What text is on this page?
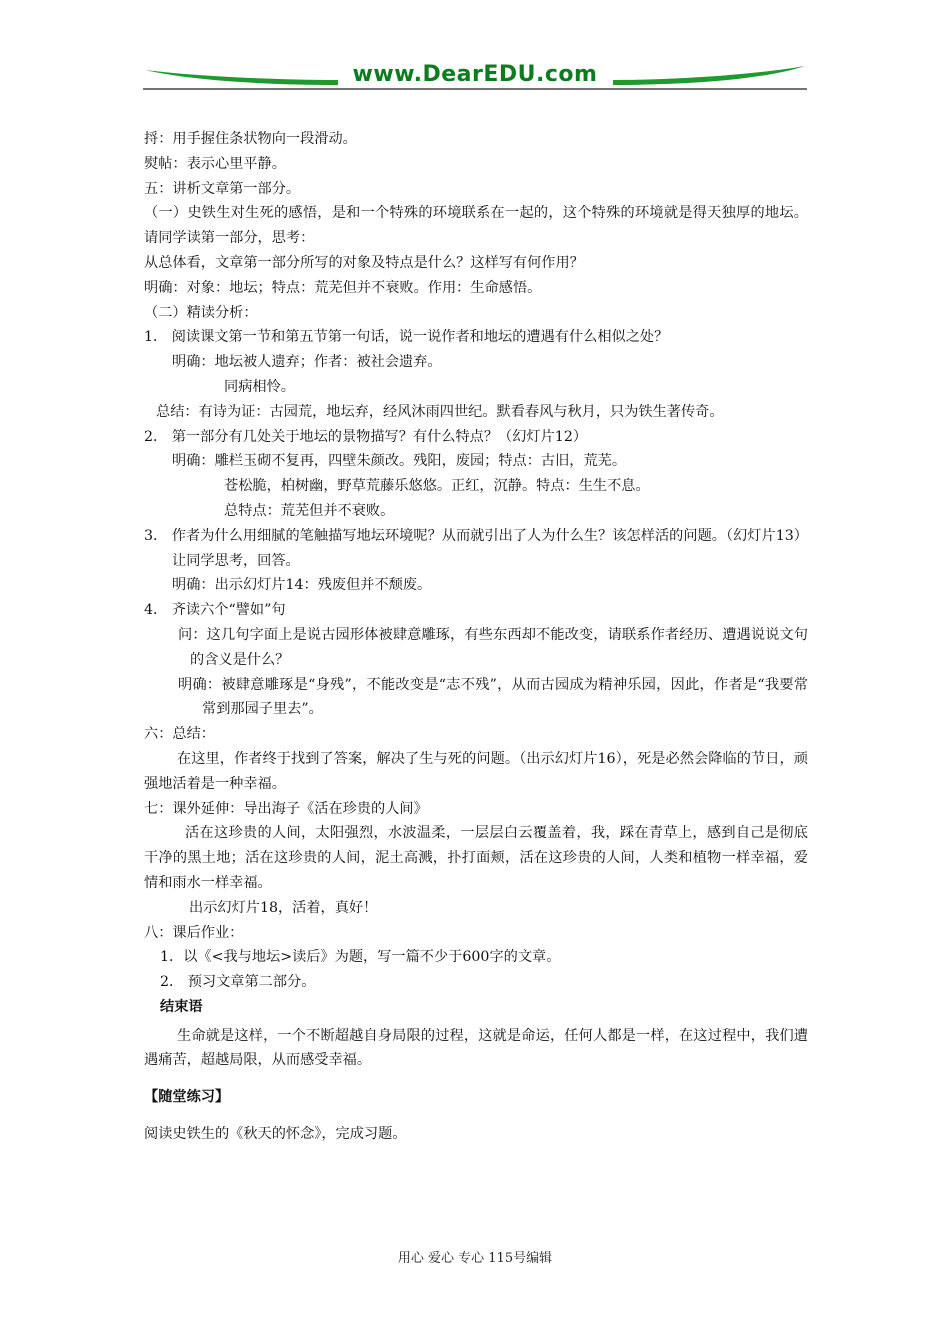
www.DearEDU.com
捋：用手握住条状物向一段滑动。
熨帖：表示心里平静。
五：讲析文章第一部分。
（一）史铁生对生死的感悟，是和一个特殊的环境联系在一起的，这个特殊的环境就是得天独厚的地坛。请同学读第一部分，思考：
从总体看，文章第一部分所写的对象及特点是什么？这样写有何作用？
明确：对象：地坛；特点：荒芜但并不衰败。作用：生命感悟。
（二）精读分析：
1． 阅读课文第一节和第五节第一句话，说一说作者和地坛的遭遇有什么相似之处？
明确：地坛被人遗弃；作者：被社会遗弃。
同病相怜。
总结：有诗为证：古园荒，地坛弃，经风沐雨四世纪。默看春风与秋月，只为铁生著传奇。
2． 第一部分有几处关于地坛的景物描写？有什么特点？（幻灯片12）
明确：雕栏玉砌不复再，四壁朱颜改。残阳，废园；特点：古旧，荒芜。
苍松脆，柏树幽，野草荒藤乐悠悠。正红，沉静。特点：生生不息。
总特点：荒芜但并不衰败。
3． 作者为什么用细腻的笔触描写地坛环境呢？从而就引出了人为什么生？该怎样活的问题。（幻灯片13）让同学思考，回答。
明确：出示幻灯片14：残废但并不颓废。
4． 齐读六个“譬如”句
问：这几句字面上是说古园形体被肆意雕琢，有些东西却不能改变，请联系作者经历、遭遇说说文句的含义是什么？
明确：被肆意雕琢是“身残”，不能改变是“志不残”，从而古园成为精神乐园，因此，作者是“我要常常到那园子里去”。
六：总结：
在这里，作者终于找到了答案，解决了生与死的问题。（出示幻灯片16），死是必然会降临的节日，顽强地活着是一种幸福。
七：课外延伸：导出海子《活在珍贵的人间》
活在这珍贵的人间，太阳强烈，水波温柔，一层层白云覆盖着，我，踩在青草上，感到自己是彻底干净的黑土地；活在这珍贵的人间，泥土高溅，扑打面颊，活在这珍贵的人间，人类和植物一样幸福，爱情和雨水一样幸福。
出示幻灯片18，活着，真好！
八：课后作业：
1．以《<我与地坛>读后》为题，写一篇不少于600字的文章。
2． 预习文章第二部分。
结束语
生命就是这样，一个不断超越自身局限的过程，这就是命运，任何人都是一样，在这过程中，我们遭遇痛苦，超越局限，从而感受幸福。
【随堂练习】
阅读史铁生的《秋天的怀念》，完成习题。
用心 爱心 专心 115号编辑
